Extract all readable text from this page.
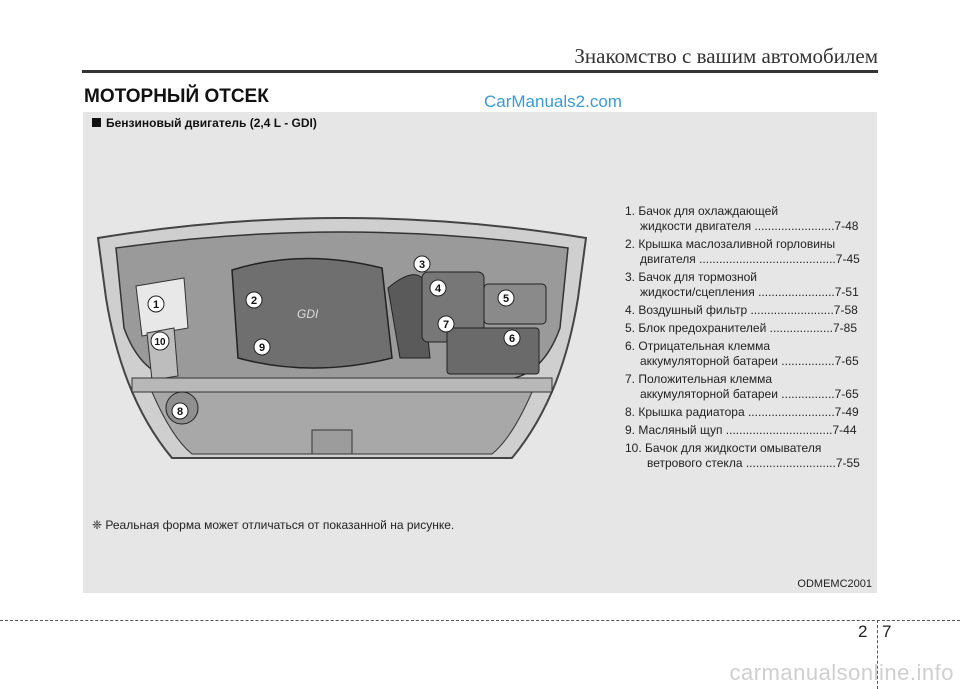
Знакомство с вашим автомобилем
МОТОРНЫЙ ОТСЕК	CarManuals2.com
Бензиновый двигатель (2,4 L - GDI)
GDI
1	2
3
4
5
6
7
8
9
10
1. Бачок для охлаждающей
жидкости двигателя ........................7-48
2. Крышка маслозаливной горловины
двигателя .........................................7-45
3. Бачок для тормозной
жидкости/сцепления .......................7-51
4. Воздушный фильтр .........................7-58
5. Блок предохранителей ...................7-85
6. Отрицательная клемма
аккумуляторной батареи ................7-65
7. Положительная клемма
аккумуляторной батареи ................7-65
8. Крышка радиатора ..........................7-49
9. Масляный щуп ................................7-44
10. Бачок для жидкости омывателя
ветрового стекла ...........................7-55
❈ Реальная форма может отличаться от показанной на рисунке.
ODMEMC2001
2 7
carmanualsonline.info
